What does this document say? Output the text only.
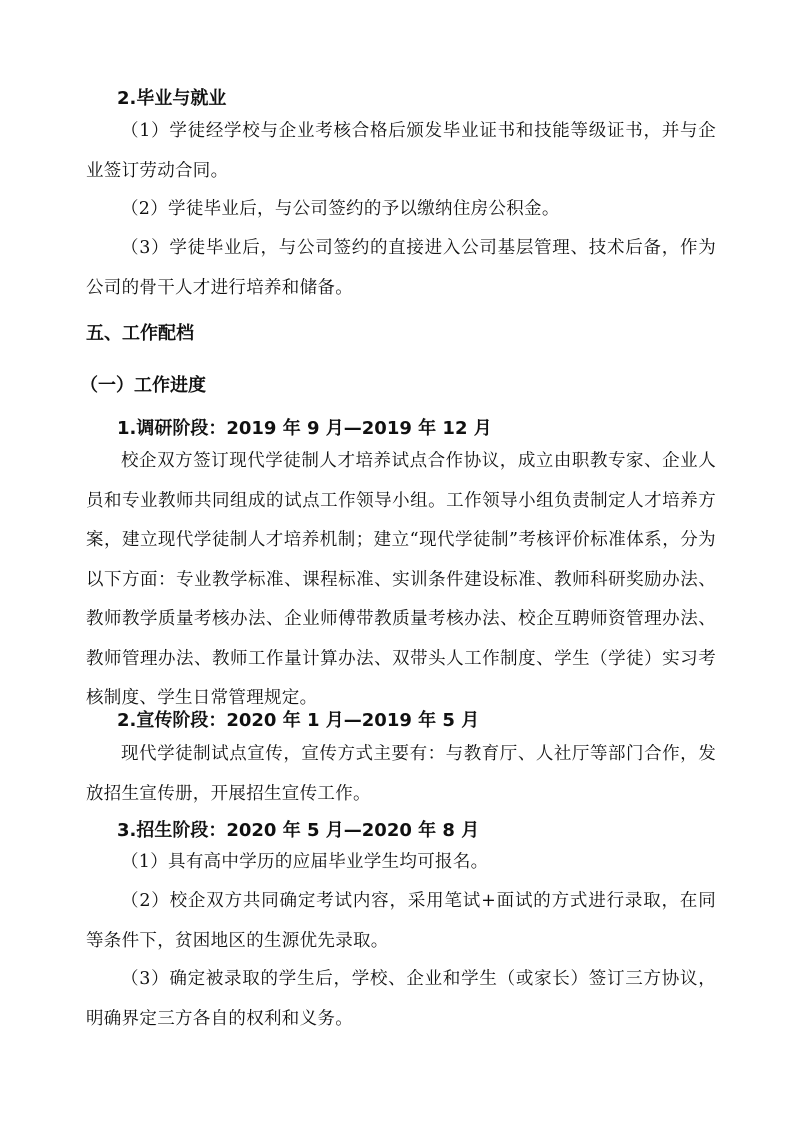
2.毕业与就业

（1）学徒经学校与企业考核合格后颁发毕业证书和技能等级证书，并与企业签订劳动合同。

（2）学徒毕业后，与公司签约的予以缴纳住房公积金。

（3）学徒毕业后，与公司签约的直接进入公司基层管理、技术后备，作为公司的骨干人才进行培养和储备。

五、工作配档
（一）工作进度
1.调研阶段：2019 年 9 月—2019 年 12 月

校企双方签订现代学徒制人才培养试点合作协议，成立由职教专家、企业人员和专业教师共同组成的试点工作领导小组。工作领导小组负责制定人才培养方案，建立现代学徒制人才培养机制；建立“现代学徒制”考核评价标准体系，分为以下方面：专业教学标准、课程标准、实训条件建设标准、教师科研奖励办法、教师教学质量考核办法、企业师傅带教质量考核办法、校企互聘师资管理办法、教师管理办法、教师工作量计算办法、双带头人工作制度、学生（学徒）实习考核制度、学生日常管理规定。

2.宣传阶段：2020 年 1 月—2019 年 5 月

现代学徒制试点宣传，宣传方式主要有：与教育厅、人社厅等部门合作，发放招生宣传册，开展招生宣传工作。

3.招生阶段：2020 年 5 月—2020 年 8 月

（1）具有高中学历的应届毕业学生均可报名。

（2）校企双方共同确定考试内容，采用笔试+面试的方式进行录取，在同等条件下，贫困地区的生源优先录取。

（3）确定被录取的学生后，学校、企业和学生（或家长）签订三方协议，明确界定三方各自的权利和义务。
